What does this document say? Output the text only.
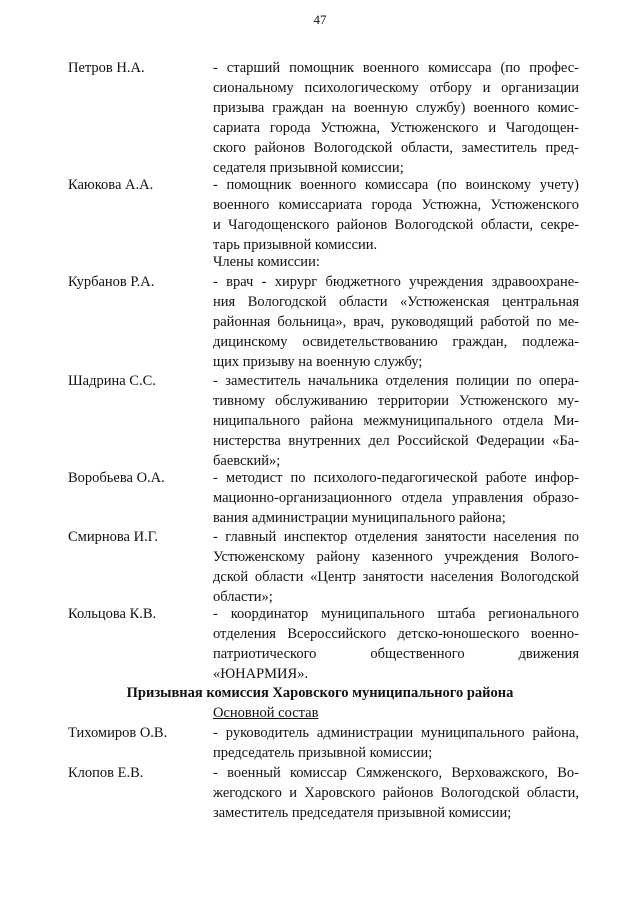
47
Петров Н.А.	- старший помощник военного комиссара (по профес-
сиональному психологическому отбору и организации
призыва граждан на военную службу) военного комис-
сариата города Устюжна, Устюженского и Чагодощен-
ского районов Вологодской области, заместитель пред-
седателя призывной комиссии;
Каюкова А.А.	- помощник военного комиссара (по воинскому учету)
военного комиссариата города Устюжна, Устюженского
и Чагодощенского районов Вологодской области, секре-
тарь призывной комиссии.
Члены комиссии:
Курбанов Р.А.	- врач - хирург бюджетного учреждения здравоохране-
ния Вологодской области «Устюженская центральная
районная больница», врач, руководящий работой по ме-
дицинскому освидетельствованию граждан, подлежа-
щих призыву на военную службу;
Шадрина С.С.	- заместитель начальника отделения полиции по опера-
тивному обслуживанию территории Устюженского му-
ниципального района межмуниципального отдела Ми-
нистерства внутренних дел Российской Федерации «Ба-
баевский»;
Воробьева О.А.	- методист по психолого-педагогической работе инфор-
мационно-организационного отдела управления образо-
вания администрации муниципального района;
Смирнова И.Г.	- главный инспектор отделения занятости населения по
Устюженскому району казенного учреждения Волого-
дской области «Центр занятости населения Вологодской
области»;
Кольцова К.В.	- координатор муниципального штаба регионального
отделения Всероссийского детско-юношеского военно-
патриотического общественного движения
«ЮНАРМИЯ».
Призывная комиссия Харовского муниципального района
Основной состав
Тихомиров О.В.	- руководитель администрации муниципального района,
председатель призывной комиссии;
Клопов Е.В.	- военный комиссар Сямженского, Верховажского, Во-
жегодского и Харовского районов Вологодской области,
заместитель председателя призывной комиссии;
